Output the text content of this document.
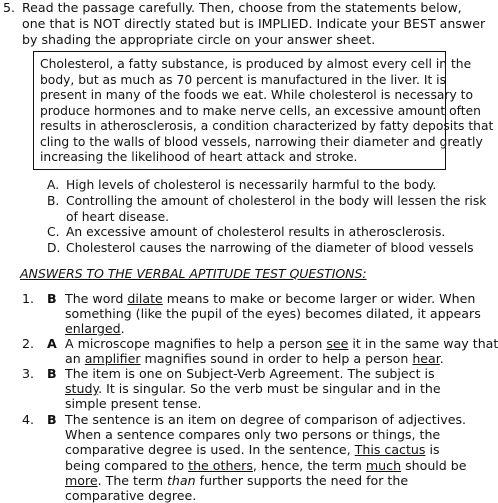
5. Read the passage carefully. Then, choose from the statements below,
one that is NOT directly stated but is IMPLIED. Indicate your BEST answer
by shading the appropriate circle on your answer sheet.
Cholesterol, a fatty substance, is produced by almost every cell in the
body, but as much as 70 percent is manufactured in the liver. It is
present in many of the foods we eat. While cholesterol is necessary to
produce hormones and to make nerve cells, an excessive amount often
results in atherosclerosis, a condition characterized by fatty deposits that
cling to the walls of blood vessels, narrowing their diameter and greatly
increasing the likelihood of heart attack and stroke.
A. High levels of cholesterol is necessarily harmful to the body.
B. Controlling the amount of cholesterol in the body will lessen the risk
of heart disease.
C. An excessive amount of cholesterol results in atherosclerosis.
D. Cholesterol causes the narrowing of the diameter of blood vessels
ANSWERS TO THE VERBAL APTITUDE TEST QUESTIONS:
1. B The word dilate means to make or become larger or wider. When
something (like the pupil of the eyes) becomes dilated, it appears
enlarged.
2. A A microscope magnifies to help a person see it in the same way that
an amplifier magnifies sound in order to help a person hear.
3. B The item is one on Subject-Verb Agreement. The subject is
study. It is singular. So the verb must be singular and in the
simple present tense.
4. B The sentence is an item on degree of comparison of adjectives.
When a sentence compares only two persons or things, the
comparative degree is used. In the sentence, This cactus is
being compared to the others, hence, the term much should be
more. The term than further supports the need for the
comparative degree.
